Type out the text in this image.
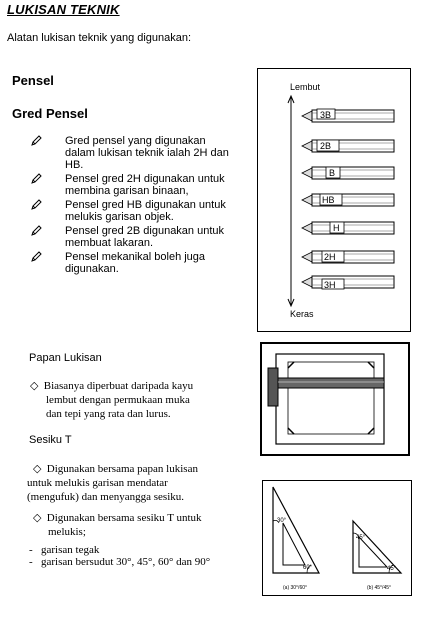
LUKISAN TEKNIK
Alatan lukisan teknik yang digunakan:
Pensel
Gred Pensel
Gred pensel yang digunakan dalam lukisan teknik ialah 2H dan HB.
Pensel gred 2H digunakan untuk membina garisan binaan,
Pensel gred HB digunakan untuk melukis garisan objek.
Pensel gred 2B digunakan untuk membuat lakaran.
Pensel mekanikal boleh juga digunakan.
Lembut
Keras
3B
2B
B
HB
H
2H
3H
Papan Lukisan
◇ Biasanya diperbuat daripada kayu
lembut dengan permukaan muka
dan tepi yang rata dan lurus.
Sesiku T
◇ Digunakan bersama papan lukisan
untuk melukis garisan mendatar
(mengufuk) dan menyangga sesiku.
◇ Digunakan bersama sesiku T untuk
melukis;
- garisan tegak
- garisan bersudut 30°, 45°, 60° dan 90°
30°
60°
45°
45°
(a) 30°/60°	(b) 45°/45°
